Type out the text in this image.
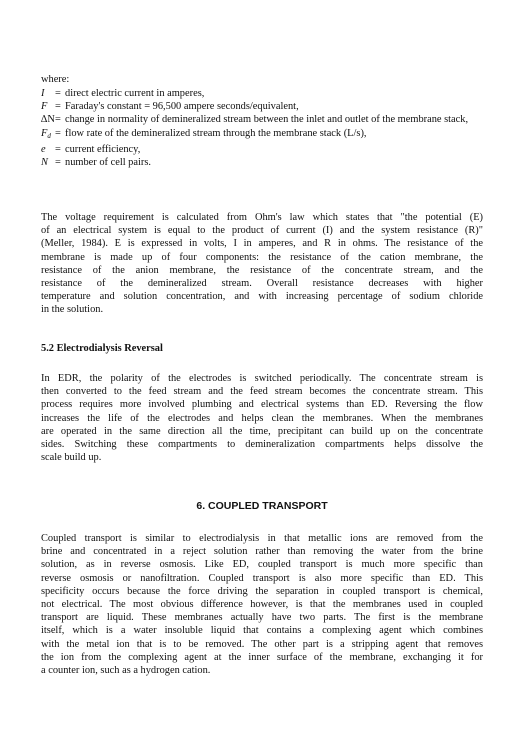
where:
I	= direct electric current in amperes,
F = Faraday's constant = 96,500 ampere seconds/equivalent,
∆N = change in normality of demineralized stream between the inlet and outlet of the membrane stack,
$F_d$ = flow rate of the demineralized stream through the membrane stack (L/s),
e = current efficiency,
N = number of cell pairs.
The voltage requirement is calculated from Ohm's law which states that "the potential (E)
of an electrical system is equal to the product of current (I) and the system resistance (R)"
(Meller, 1984). E is expressed in volts, I in amperes, and R in ohms. The resistance of the
membrane is made up of four components: the resistance of the cation membrane, the
resistance of the anion membrane, the resistance of the concentrate stream, and the
resistance of the demineralized stream. Overall resistance decreases with higher
temperature and solution concentration, and with increasing percentage of sodium chloride
in the solution.
5.2 Electrodialysis Reversal
In EDR, the polarity of the electrodes is switched periodically. The concentrate stream is
then converted to the feed stream and the feed stream becomes the concentrate stream. This
process requires more involved plumbing and electrical systems than ED. Reversing the flow
increases the life of the electrodes and helps clean the membranes. When the membranes
are operated in the same direction all the time, precipitant can build up on the concentrate
sides. Switching these compartments to demineralization compartments helps dissolve the
scale build up.
6. COUPLED TRANSPORT
Coupled transport is similar to electrodialysis in that metallic ions are removed from the
brine and concentrated in a reject solution rather than removing the water from the brine
solution, as in reverse osmosis. Like ED, coupled transport is much more specific than
reverse osmosis or nanofiltration. Coupled transport is also more specific than ED. This
specificity occurs because the force driving the separation in coupled transport is chemical,
not electrical. The most obvious difference however, is that the membranes used in coupled
transport are liquid. These membranes actually have two parts. The first is the membrane
itself, which is a water insoluble liquid that contains a complexing agent which combines
with the metal ion that is to be removed. The other part is a stripping agent that removes
the ion from the complexing agent at the inner surface of the membrane, exchanging it for
a counter ion, such as a hydrogen cation.
